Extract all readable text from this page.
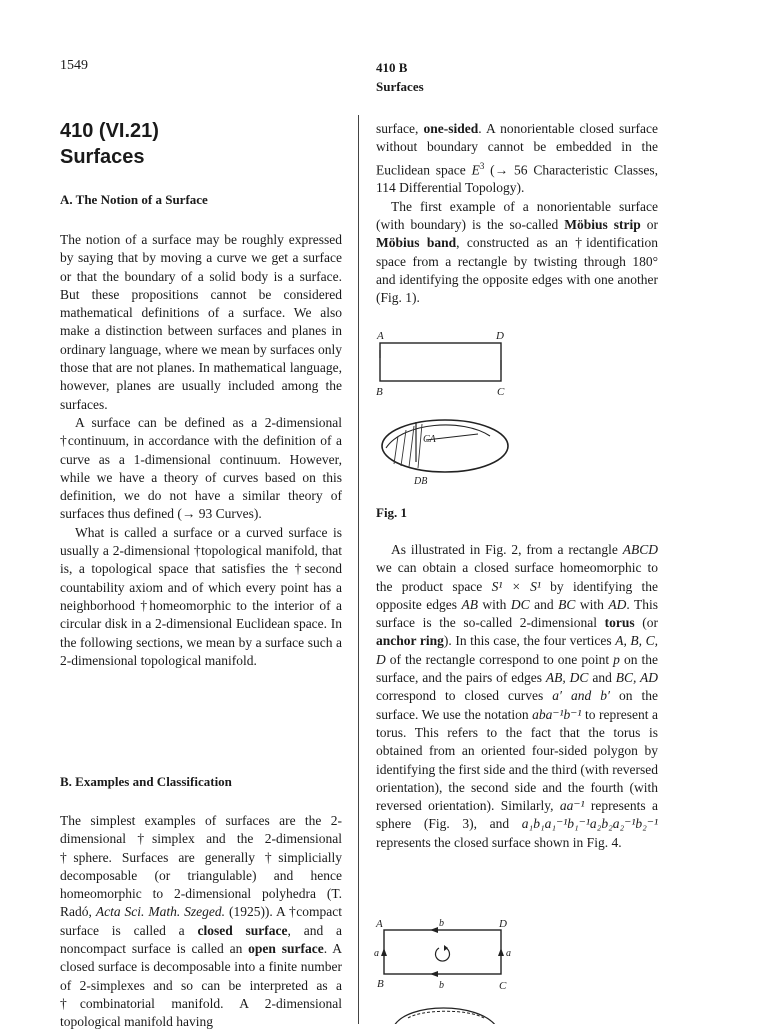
1549	410 B
Surfaces
410 (VI.21)
Surfaces
A. The Notion of a Surface

The notion of a surface may be roughly expressed by saying that by moving a curve we get a surface or that the boundary of a solid body is a surface. But these propositions cannot be considered mathematical definitions of a surface. We also make a distinction between surfaces and planes in ordinary language, where we mean by surfaces only those that are not planes. In mathematical language, however, planes are usually included among the surfaces.

A surface can be defined as a 2-dimensional †continuum, in accordance with the definition of a curve as a 1-dimensional continuum. However, while we have a theory of curves based on this definition, we do not have a similar theory of surfaces thus defined (→ 93 Curves).

What is called a surface or a curved surface is usually a 2-dimensional †topological manifold, that is, a topological space that satisfies the †second countability axiom and of which every point has a neighborhood †homeomorphic to the interior of a circular disk in a 2-dimensional Euclidean space. In the following sections, we mean by a surface such a 2-dimensional topological manifold.

B. Examples and Classification

The simplest examples of surfaces are the 2-dimensional †simplex and the 2-dimensional †sphere. Surfaces are generally †simplicially decomposable (or triangulable) and hence homeomorphic to 2-dimensional polyhedra (T. Radó, Acta Sci. Math. Szeged. (1925)). A †compact surface is called a closed surface, and a noncompact surface is called an open surface. A closed surface is decomposable into a finite number of 2-simplexes and so can be interpreted as a †combinatorial manifold. A 2-dimensional topological manifold having

surface, one-sided. A nonorientable closed surface without boundary cannot be embedded in the Euclidean space $E^3$ (→ 56 Characteristic Classes, 114 Differential Topology).

The first example of a nonorientable surface (with boundary) is the so-called Möbius strip or Möbius band, constructed as an †identification space from a rectangle by twisting through 180° and identifying the opposite edges with one another (Fig. 1).

A	D
B	C
CA
DB
Fig. 1

As illustrated in Fig. 2, from a rectangle ABCD we can obtain a closed surface homeomorphic to the product space S¹ × S¹ by identifying the opposite edges AB with DC and BC with AD. This surface is the so-called 2-dimensional torus (or anchor ring). In this case, the four vertices A, B, C, D of the rectangle correspond to one point p on the surface, and the pairs of edges AB, DC and BC, AD correspond to closed curves a′ and b′ on the surface. We use the notation aba⁻¹b⁻¹ to represent a torus. This refers to the fact that the torus is obtained from an oriented four-sided polygon by identifying the first side and the third (with reversed orientation), the second side and the fourth (with reversed orientation). Similarly, aa⁻¹ represents a sphere (Fig. 3), and a₁b₁a₁⁻¹b₁⁻¹a₂b₂a₂⁻¹b₂⁻¹ represents the closed surface shown in Fig. 4.

A	D
B	C
b
b
a	a
